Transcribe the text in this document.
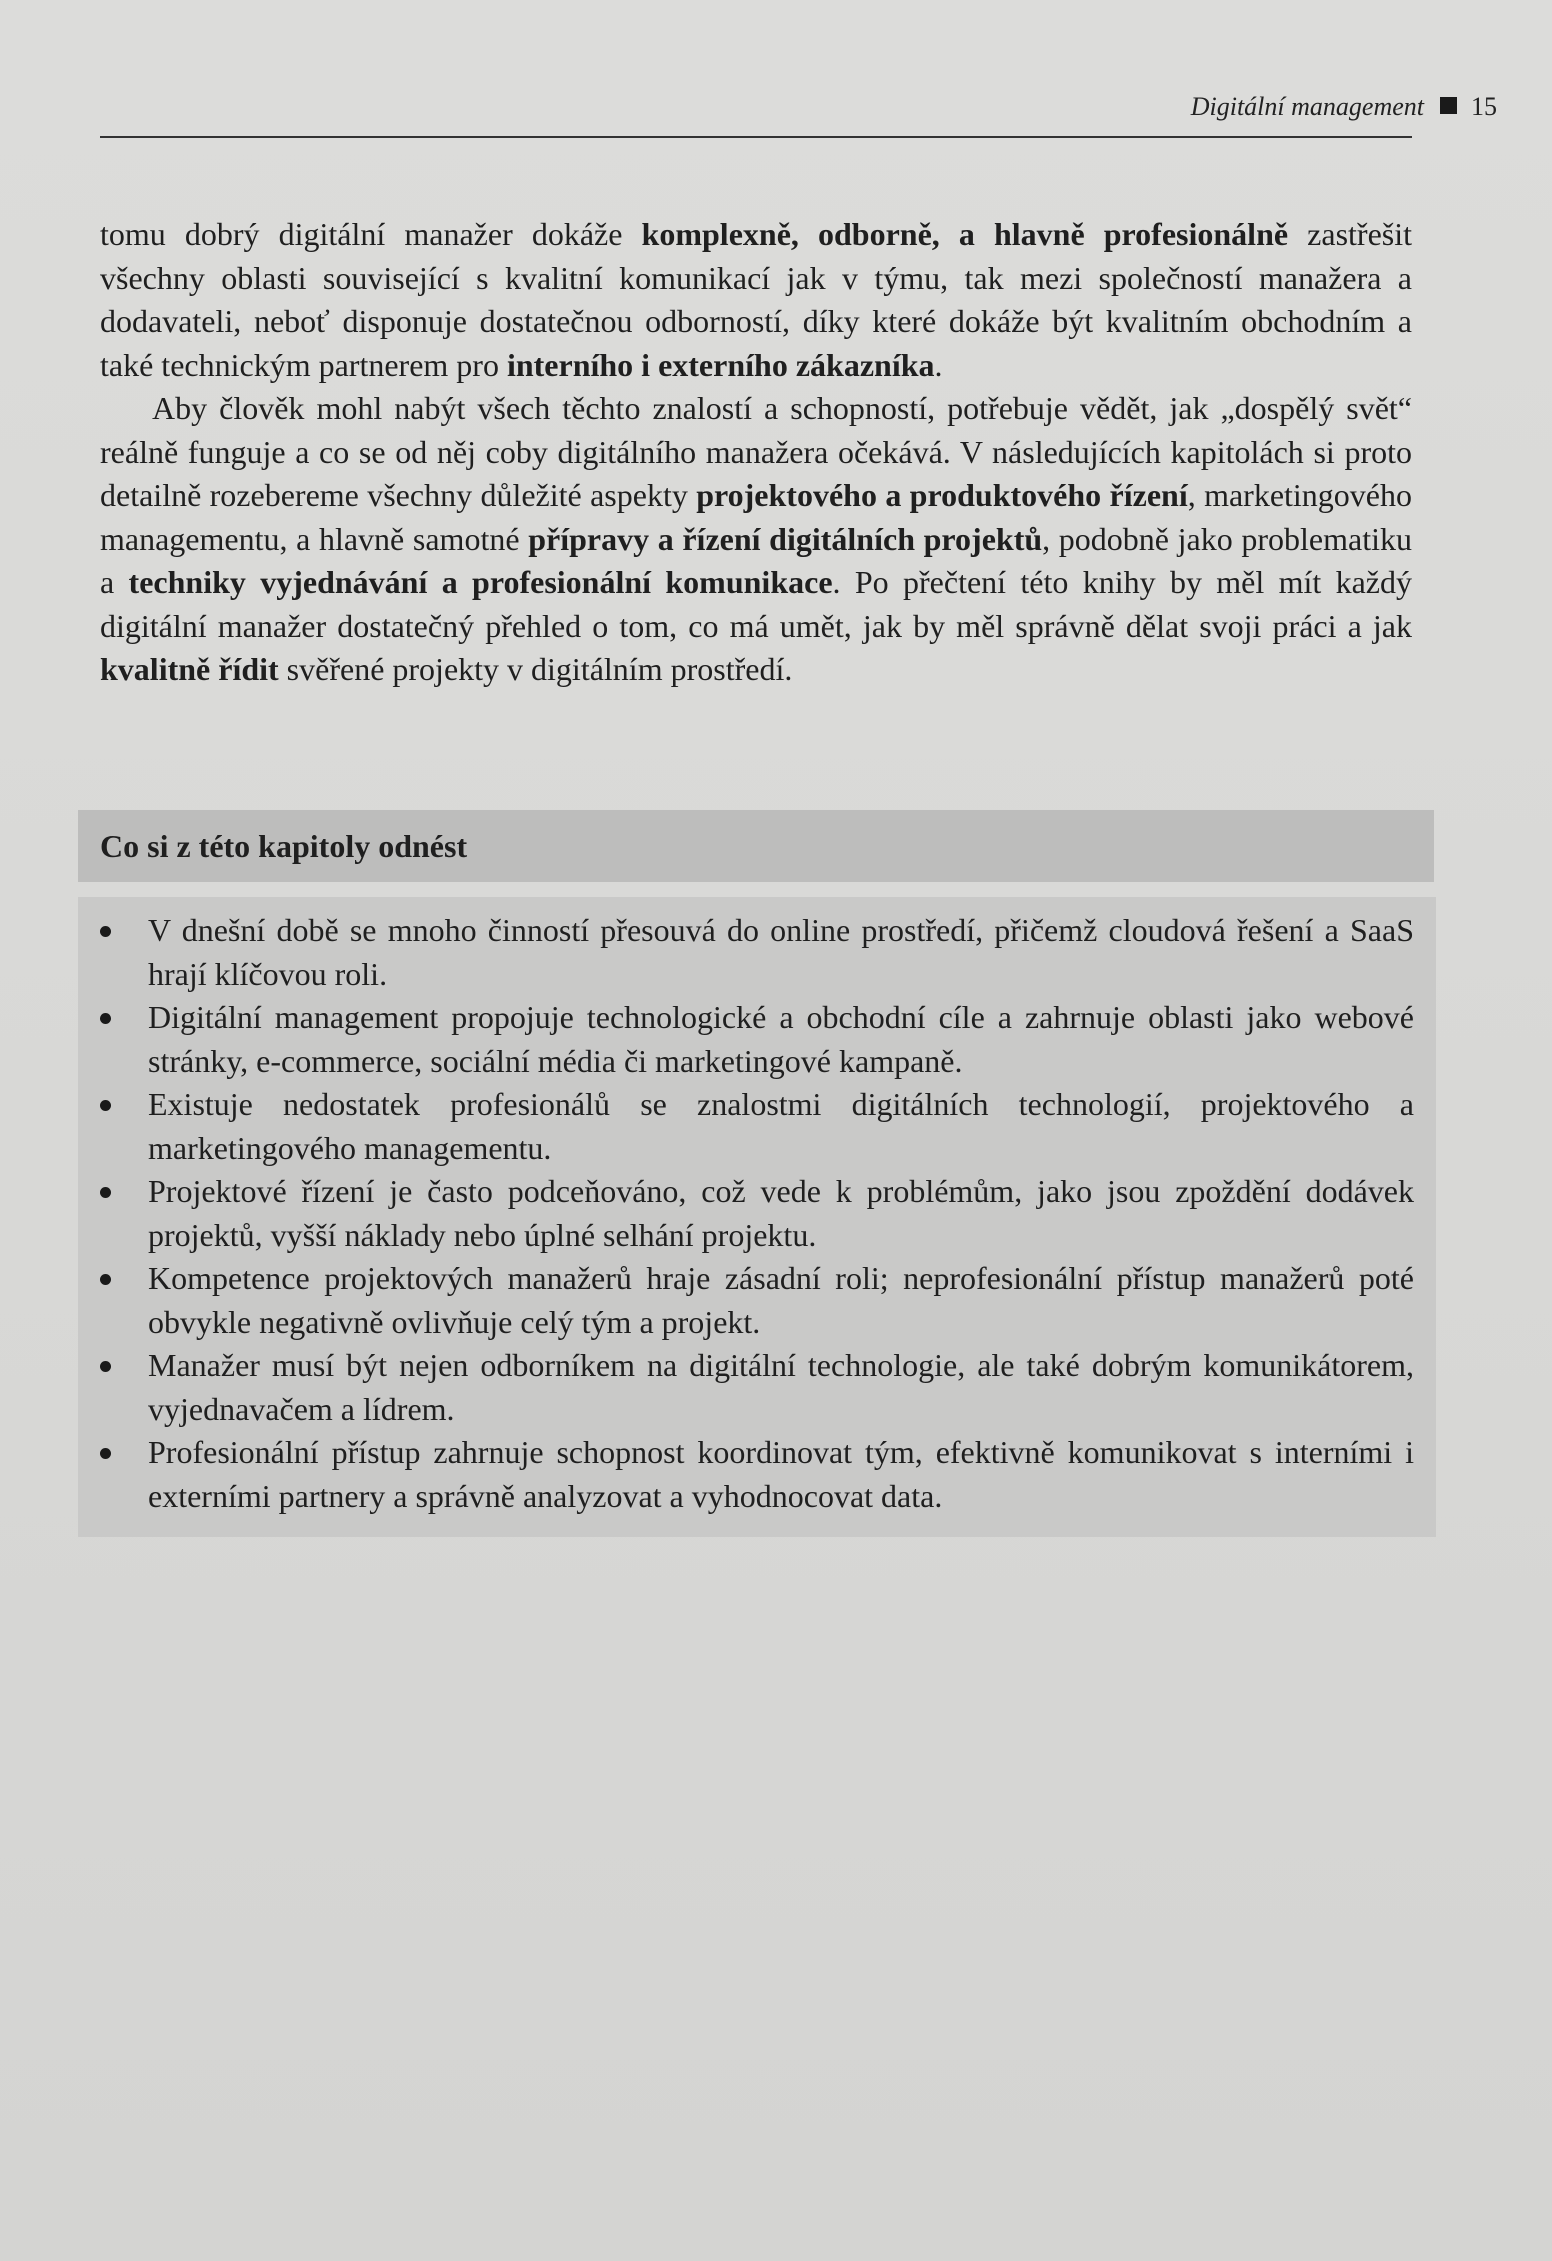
Digitální management 15

tomu dobrý digitální manažer dokáže komplexně, odborně, a hlavně profesionálně zastřešit všechny oblasti související s kvalitní komunikací jak v týmu, tak mezi společností manažera a dodavateli, neboť disponuje dostatečnou odborností, díky které dokáže být kvalitním obchodním a také technickým partnerem pro interního i externího zákazníka.

Aby člověk mohl nabýt všech těchto znalostí a schopností, potřebuje vědět, jak „dospělý svět“ reálně funguje a co se od něj coby digitálního manažera očekává. V následujících kapitolách si proto detailně rozebereme všechny důležité aspekty projektového a produktového řízení, marketingového managementu, a hlavně samotné přípravy a řízení digitálních projektů, podobně jako problematiku a techniky vyjednávání a profesionální komunikace. Po přečtení této knihy by měl mít každý digitální manažer dostatečný přehled o tom, co má umět, jak by měl správně dělat svoji práci a jak kvalitně řídit svěřené projekty v digitálním prostředí.

Co si z této kapitoly odnést
V dnešní době se mnoho činností přesouvá do online prostředí, přičemž cloudová řešení a SaaS hrají klíčovou roli.
Digitální management propojuje technologické a obchodní cíle a zahrnuje oblasti jako webové stránky, e-commerce, sociální média či marketingové kampaně.
Existuje nedostatek profesionálů se znalostmi digitálních technologií, projektového a marketingového managementu.
Projektové řízení je často podceňováno, což vede k problémům, jako jsou zpoždění dodávek projektů, vyšší náklady nebo úplné selhání projektu.
Kompetence projektových manažerů hraje zásadní roli; neprofesionální přístup manažerů poté obvykle negativně ovlivňuje celý tým a projekt.
Manažer musí být nejen odborníkem na digitální technologie, ale také dobrým komunikátorem, vyjednavačem a lídrem.
Profesionální přístup zahrnuje schopnost koordinovat tým, efektivně komunikovat s interními i externími partnery a správně analyzovat a vyhodnocovat data.
